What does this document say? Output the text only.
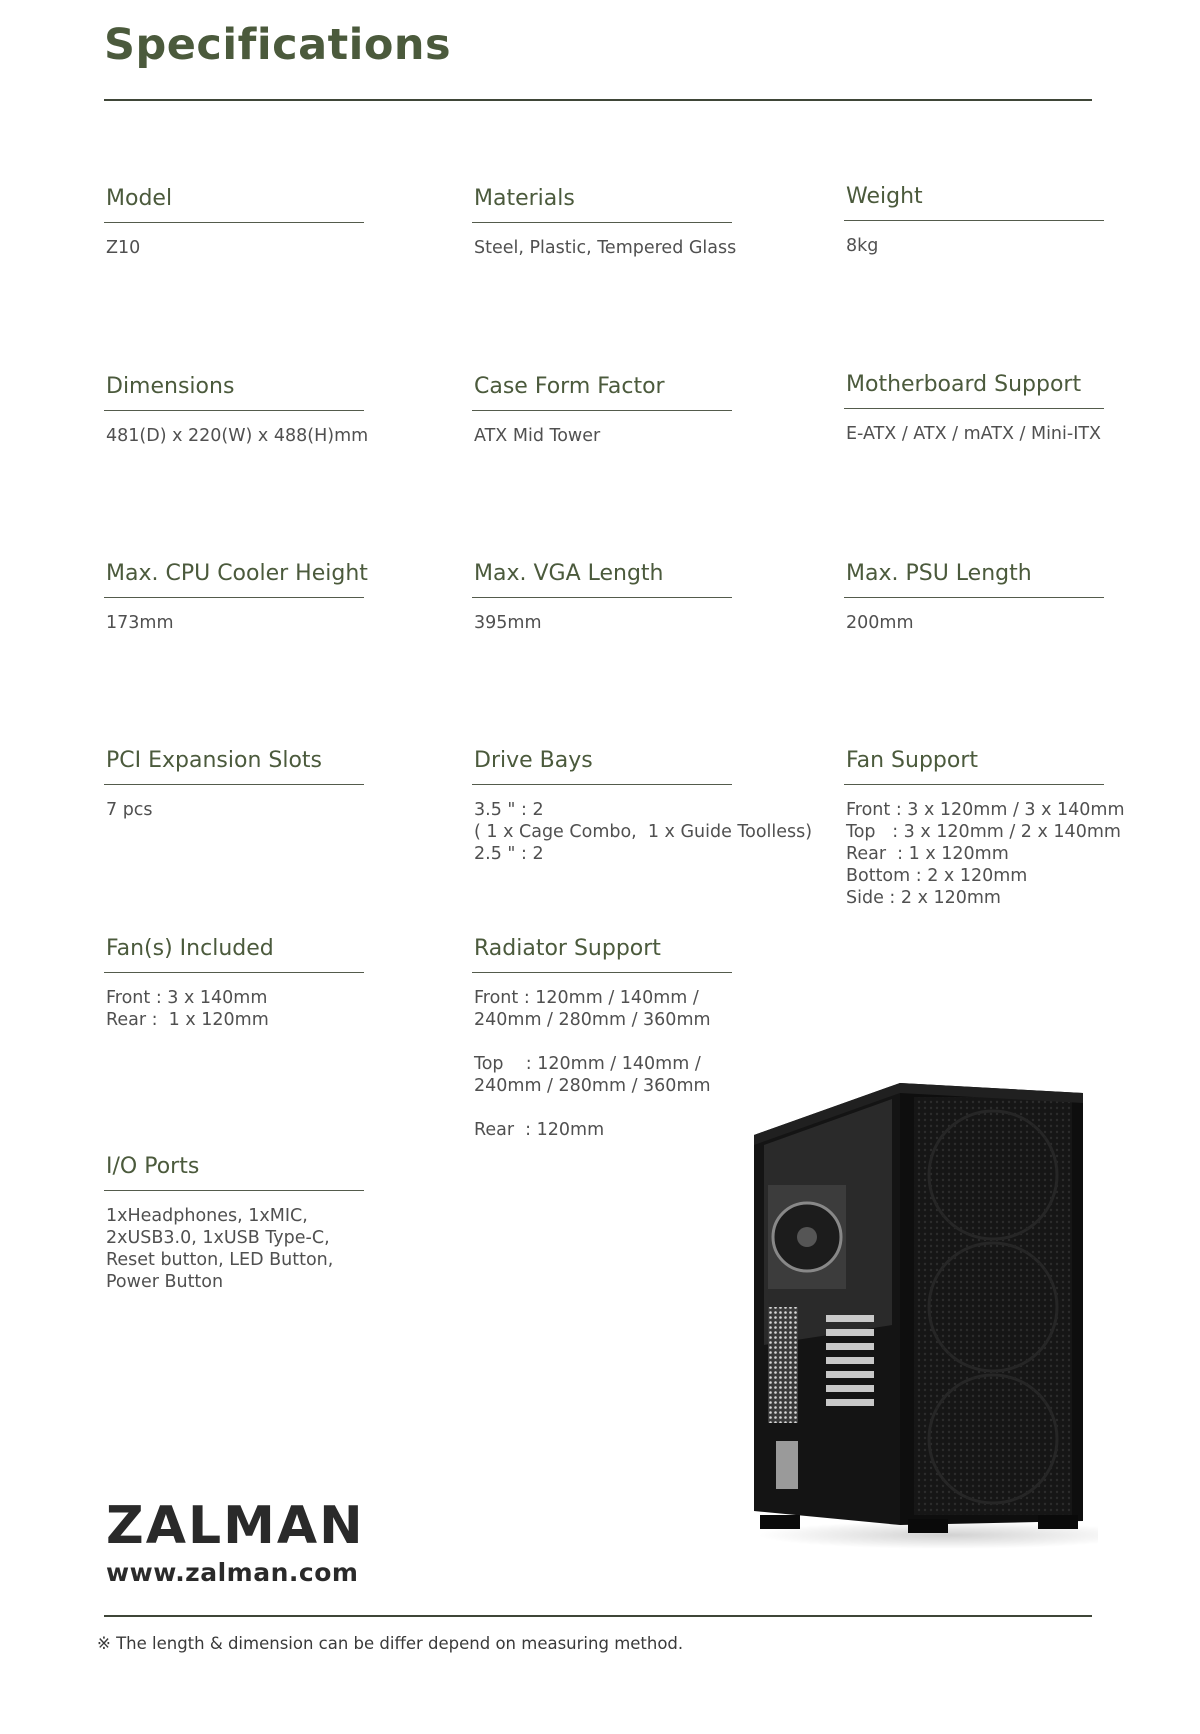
Specifications
Model
Z10
Materials
Steel, Plastic, Tempered Glass
Weight
8kg
Dimensions
481(D) x 220(W) x 488(H)mm
Case Form Factor
ATX Mid Tower
Motherboard Support
E-ATX / ATX / mATX / Mini-ITX
Max. CPU Cooler Height
173mm
Max. VGA Length
395mm
Max. PSU Length
200mm
PCI Expansion Slots
7 pcs
Drive Bays
3.5 " : 2
( 1 x Cage Combo,  1 x Guide Toolless)
2.5 " : 2
Fan Support
Front : 3 x 120mm / 3 x 140mm
Top   : 3 x 120mm / 2 x 140mm
Rear  : 1 x 120mm
Bottom : 2 x 120mm
Side : 2 x 120mm
Fan(s) Included
Front : 3 x 140mm
Rear :  1 x 120mm
Radiator Support
Front : 120mm / 140mm /
240mm / 280mm / 360mm

Top    : 120mm / 140mm /
240mm / 280mm / 360mm

Rear  : 120mm
I/O Ports
1xHeadphones, 1xMIC,
2xUSB3.0, 1xUSB Type-C,
Reset button, LED Button,
Power Button
ZALMAN
www.zalman.com
※ The length & dimension can be differ depend on measuring method.
